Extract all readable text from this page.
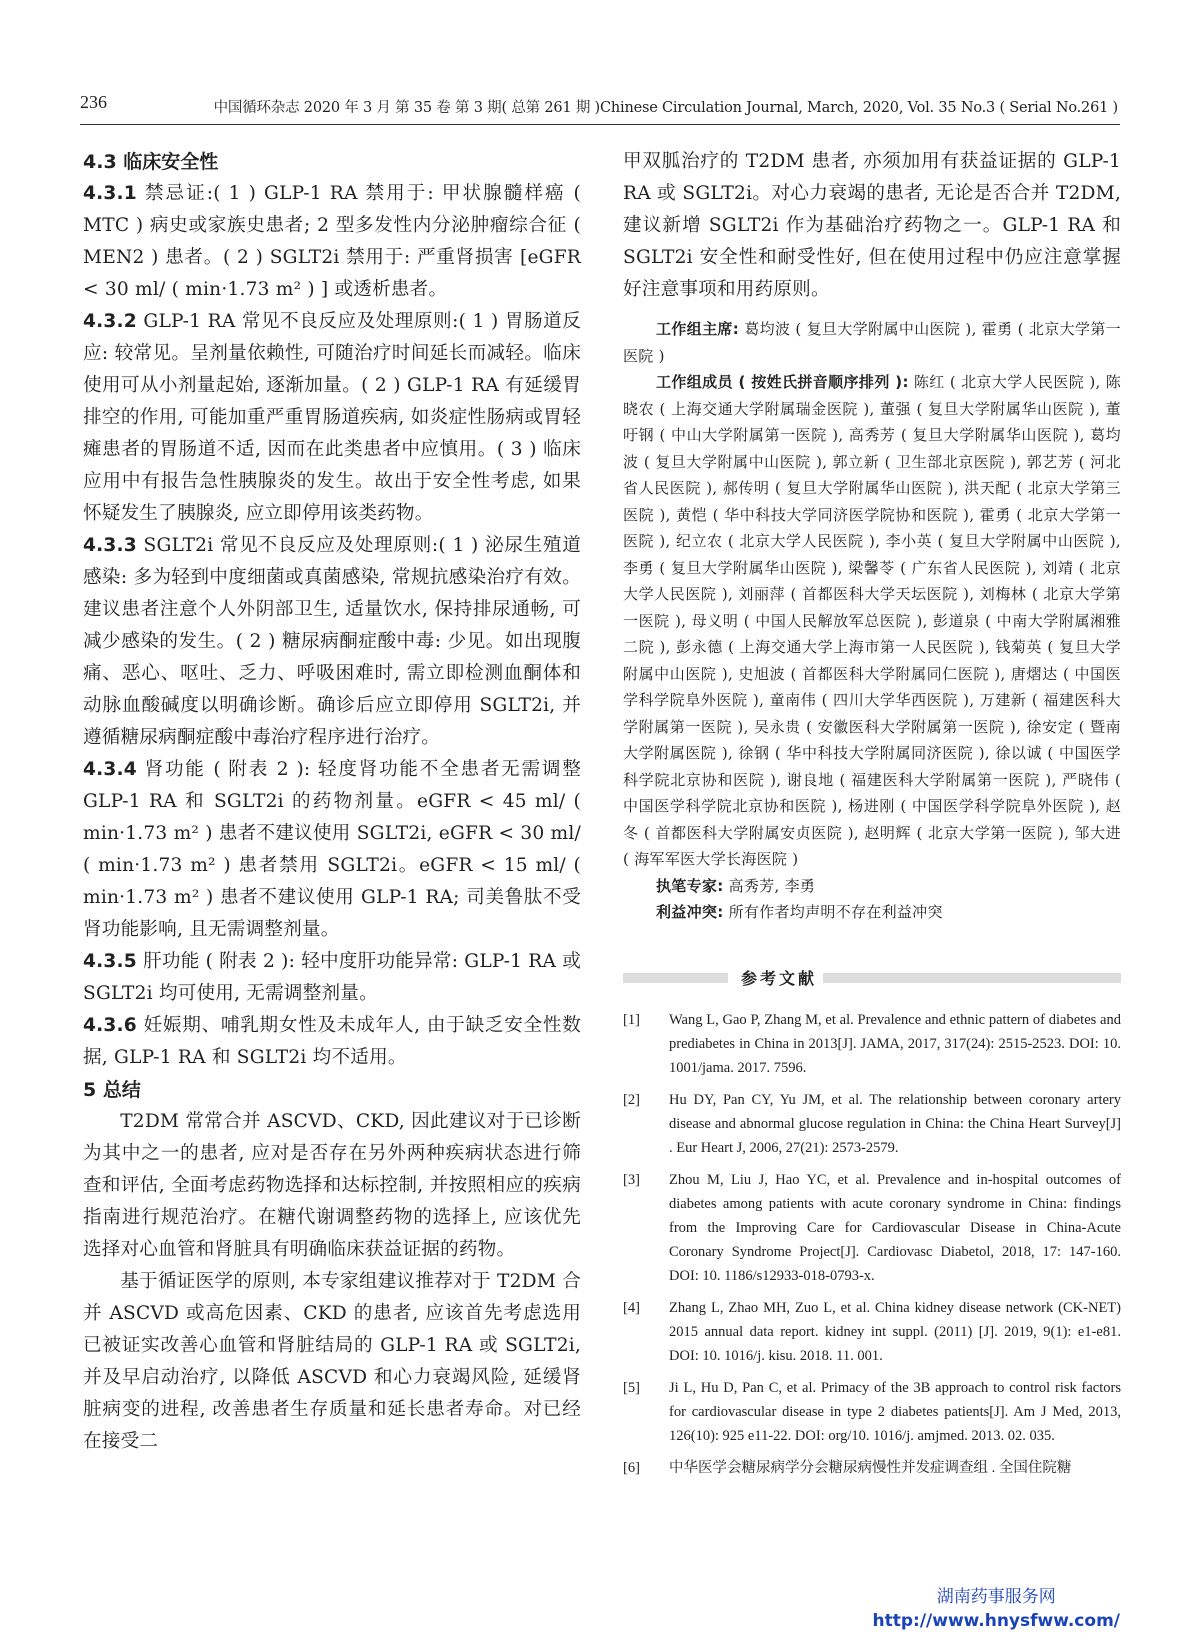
236	中国循环杂志 2020 年 3 月 第 35 卷 第 3 期( 总第 261 期 )Chinese Circulation Journal, March, 2020, Vol. 35 No.3 ( Serial No.261 )

4.3 临床安全性

4.3.1 禁忌证:( 1 ) GLP-1 RA 禁用于: 甲状腺髓样癌 ( MTC ) 病史或家族史患者; 2 型多发性内分泌肿瘤综合征 ( MEN2 ) 患者。( 2 ) SGLT2i 禁用于: 严重肾损害 [eGFR < 30 ml/ ( min·1.73 m² ) ] 或透析患者。

4.3.2 GLP-1 RA 常见不良反应及处理原则:( 1 ) 胃肠道反应: 较常见。呈剂量依赖性, 可随治疗时间延长而减轻。临床使用可从小剂量起始, 逐渐加量。( 2 ) GLP-1 RA 有延缓胃排空的作用, 可能加重严重胃肠道疾病, 如炎症性肠病或胃轻瘫患者的胃肠道不适, 因而在此类患者中应慎用。( 3 ) 临床应用中有报告急性胰腺炎的发生。故出于安全性考虑, 如果怀疑发生了胰腺炎, 应立即停用该类药物。

4.3.3 SGLT2i 常见不良反应及处理原则:( 1 ) 泌尿生殖道感染: 多为轻到中度细菌或真菌感染, 常规抗感染治疗有效。建议患者注意个人外阴部卫生, 适量饮水, 保持排尿通畅, 可减少感染的发生。( 2 ) 糖尿病酮症酸中毒: 少见。如出现腹痛、恶心、呕吐、乏力、呼吸困难时, 需立即检测血酮体和动脉血酸碱度以明确诊断。确诊后应立即停用 SGLT2i, 并遵循糖尿病酮症酸中毒治疗程序进行治疗。

4.3.4 肾功能 ( 附表 2 ): 轻度肾功能不全患者无需调整 GLP-1 RA 和 SGLT2i 的药物剂量。eGFR < 45 ml/ ( min·1.73 m² ) 患者不建议使用 SGLT2i, eGFR < 30 ml/ ( min·1.73 m² ) 患者禁用 SGLT2i。eGFR < 15 ml/ ( min·1.73 m² ) 患者不建议使用 GLP-1 RA; 司美鲁肽不受肾功能影响, 且无需调整剂量。

4.3.5 肝功能 ( 附表 2 ): 轻中度肝功能异常: GLP-1 RA 或 SGLT2i 均可使用, 无需调整剂量。

4.3.6 妊娠期、哺乳期女性及未成年人, 由于缺乏安全性数据, GLP-1 RA 和 SGLT2i 均不适用。

5 总结

T2DM 常常合并 ASCVD、CKD, 因此建议对于已诊断为其中之一的患者, 应对是否存在另外两种疾病状态进行筛查和评估, 全面考虑药物选择和达标控制, 并按照相应的疾病指南进行规范治疗。在糖代谢调整药物的选择上, 应该优先选择对心血管和肾脏具有明确临床获益证据的药物。

基于循证医学的原则, 本专家组建议推荐对于 T2DM 合并 ASCVD 或高危因素、CKD 的患者, 应该首先考虑选用已被证实改善心血管和肾脏结局的 GLP-1 RA 或 SGLT2i, 并及早启动治疗, 以降低 ASCVD 和心力衰竭风险, 延缓肾脏病变的进程, 改善患者生存质量和延长患者寿命。对已经在接受二

甲双胍治疗的 T2DM 患者, 亦须加用有获益证据的 GLP-1 RA 或 SGLT2i。对心力衰竭的患者, 无论是否合并 T2DM, 建议新增 SGLT2i 作为基础治疗药物之一。GLP-1 RA 和 SGLT2i 安全性和耐受性好, 但在使用过程中仍应注意掌握好注意事项和用药原则。

工作组主席: 葛均波 ( 复旦大学附属中山医院 ), 霍勇 ( 北京大学第一医院 )

工作组成员 ( 按姓氏拼音顺序排列 ): 陈红 ( 北京大学人民医院 ), 陈晓农 ( 上海交通大学附属瑞金医院 ), 董强 ( 复旦大学附属华山医院 ), 董吁钢 ( 中山大学附属第一医院 ), 高秀芳 ( 复旦大学附属华山医院 ), 葛均波 ( 复旦大学附属中山医院 ), 郭立新 ( 卫生部北京医院 ), 郭艺芳 ( 河北省人民医院 ), 郝传明 ( 复旦大学附属华山医院 ), 洪天配 ( 北京大学第三医院 ), 黄恺 ( 华中科技大学同济医学院协和医院 ), 霍勇 ( 北京大学第一医院 ), 纪立农 ( 北京大学人民医院 ), 李小英 ( 复旦大学附属中山医院 ), 李勇 ( 复旦大学附属华山医院 ), 梁馨苓 ( 广东省人民医院 ), 刘靖 ( 北京大学人民医院 ), 刘丽萍 ( 首都医科大学天坛医院 ), 刘梅林 ( 北京大学第一医院 ), 母义明 ( 中国人民解放军总医院 ), 彭道泉 ( 中南大学附属湘雅二院 ), 彭永德 ( 上海交通大学上海市第一人民医院 ), 钱菊英 ( 复旦大学附属中山医院 ), 史旭波 ( 首都医科大学附属同仁医院 ), 唐熠达 ( 中国医学科学院阜外医院 ), 童南伟 ( 四川大学华西医院 ), 万建新 ( 福建医科大学附属第一医院 ), 吴永贵 ( 安徽医科大学附属第一医院 ), 徐安定 ( 暨南大学附属医院 ), 徐钢 ( 华中科技大学附属同济医院 ), 徐以诚 ( 中国医学科学院北京协和医院 ), 谢良地 ( 福建医科大学附属第一医院 ), 严晓伟 ( 中国医学科学院北京协和医院 ), 杨进刚 ( 中国医学科学院阜外医院 ), 赵冬 ( 首都医科大学附属安贞医院 ), 赵明辉 ( 北京大学第一医院 ), 邹大进 ( 海军军医大学长海医院 )

执笔专家: 高秀芳, 李勇

利益冲突: 所有作者均声明不存在利益冲突

参考文献
[1]	Wang L, Gao P, Zhang M, et al. Prevalence and ethnic pattern of diabetes and prediabetes in China in 2013[J]. JAMA, 2017, 317(24): 2515-2523. DOI: 10. 1001/jama. 2017. 7596.
[2]	Hu DY, Pan CY, Yu JM, et al. The relationship between coronary artery disease and abnormal glucose regulation in China: the China Heart Survey[J] . Eur Heart J, 2006, 27(21): 2573-2579.
[3]	Zhou M, Liu J, Hao YC, et al. Prevalence and in-hospital outcomes of diabetes among patients with acute coronary syndrome in China: findings from the Improving Care for Cardiovascular Disease in China-Acute Coronary Syndrome Project[J]. Cardiovasc Diabetol, 2018, 17: 147-160. DOI: 10. 1186/s12933-018-0793-x.
[4]	Zhang L, Zhao MH, Zuo L, et al. China kidney disease network (CK-NET) 2015 annual data report. kidney int suppl. (2011) [J]. 2019, 9(1): e1-e81. DOI: 10. 1016/j. kisu. 2018. 11. 001.
[5]	Ji L, Hu D, Pan C, et al. Primacy of the 3B approach to control risk factors for cardiovascular disease in type 2 diabetes patients[J]. Am J Med, 2013, 126(10): 925 e11-22. DOI: org/10. 1016/j. amjmed. 2013. 02. 035.
[6]	中华医学会糖尿病学分会糖尿病慢性并发症调查组 . 全国住院糖
湖南药事服务网
http://www.hnysfww.com/
